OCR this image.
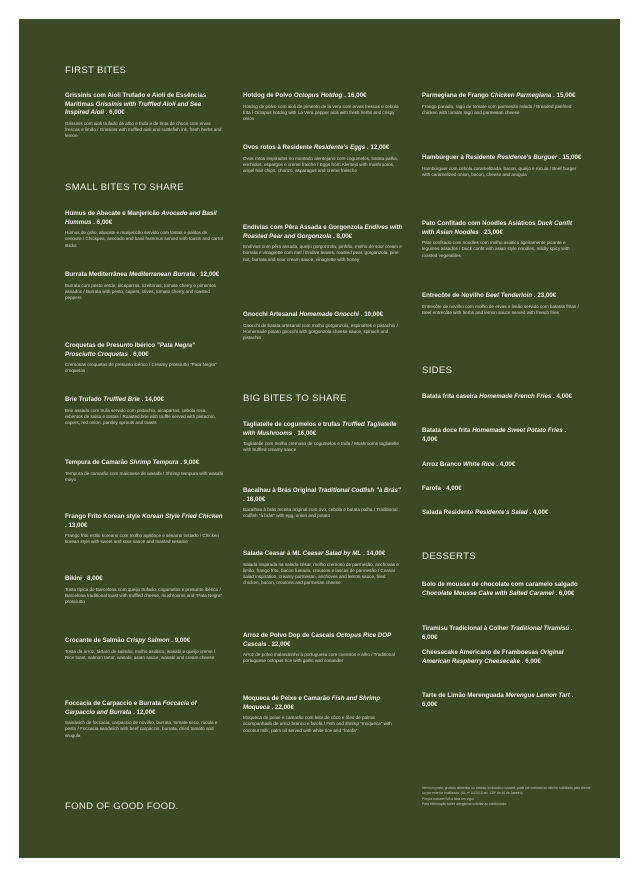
FIRST BITES
Grissinis com Aioli Trufado e Aioli de Essências Marítimas Grissinis with Truffled Aioli and Sea Inspired Aioli . 6,00€
Grissinis com aioli trufado de alho e trufa e de tinta de choco com ervas frescas e limão / Grissinis with truffled aioli and cuttlefish ink, fresh herbs and lemon
SMALL BITES TO SHARE
Húmus de Abacate e Manjericão Avocado and Basil Hummus . 6,00€
Húmus de grão, abacate e manjericão servido com tostas e palitos de cenoura / Chickpea, avocado and basil hummus served with toasts and carrot sticks
Burrata Mediterrânea Mediterranean Burrata . 12,00€
Burrata com pesto verde, alcaparras, azeitonas, tomate cherry e pimentos assados / Burrata with pesto, capers, olives, tomato cherry and roasted peppers
Croquetas de Presunto Ibérico "Pata Negra" Prosciutto Croquetas . 6,00€
Cremosas croquetas de presunto ibérico / Creamy prosciutto "Pata Negra" croquetas
Brie Trufado Truffled Brie . 14,00€
Brie assado com trufa servido com pistachio, alcaparras, cebola roxa, rebentos de salsa e tostas / Roasted brie with truffle served with pistachio, capers, red onion, parsley sprouts and toasts
Tempura de Camarão Shrimp Tempura . 9,00€
Tempura de camarão com maionese de wasabi / Shrimp tempura with wasabi mayo
Frango Frito Korean style Korean Style Fried Chicken . 13,00€
Frango frito estilo koreano com molho agridoce e sésamo tostado / Chicken korean style with sweet and sour sauce and toasted sesame
Bikini . 8,00€
Tosta típica de Barcelona com queijo trufado, cogumelos e presunto ibérico / Barcelona traditional toast with truffled cheese, mushrooms and "Pata Negra" prosciutto
Crocante de Salmão Crispy Salmon . 9,00€
Tosta de arroz, tártaro de salmão, molho asiático, wasabi e queijo creme / Rice toast, salmon tartar, wasabi, asian sauce, wasabi and cream cheese
Foccacia de Carpaccio e Burrata Foccacia of Carpaccio and Burrata . 12,00€
Sandwich de foccacia, carpaccio de novilho, burrata, tomate seco, rúcula e pesto / Foccacia sandwich with beef carpaccio, burrata, dried tomato and arugula
Hotdog de Polvo Octopus Hotdog . 16,00€
Hotdog de polvo com aioli de pimento de la vera com ervas frescas e cebola frita / Octopus hotdog with La Vera pepper aioli with fresh herbs and crispy onion
Ovos rotos à Residente Residente's Eggs . 12,00€
Ovos rotos inspirados no montado alentejano com cogumelos, batata palha, enchidos, espargos e creme fraiche / Eggs from Alentejo with mushrooms, angel hair chips, chorizo, asparagus and creme fraische
Endívias com Pêra Assada e Gorgonzola Endives with Roasted Pear and Gorgonzola . 8,00€
Endívias com pêra assada, queijo gorgonzola, pinhão, molho de sour cream e burrata e vinagrette com mel / Endive leaves, roasted pear, gorgonzola, pine nut, burrata and sour cream sauce, vinagrette with honey
Gnocchi Artesanal Homemade Gnocchi . 10,00€
Gnocchi de batata artesanal com molho gorgonzola, espinafres e pistachio / Homemade potato gnocchi with gorgonzola cheese sauce, spinach and pistachio
BIG BITES TO SHARE
Tagliatelle de cogumelos e trufas Truffled Tagliatelle with Mushrooms . 16,00€
Tagliatelle com molho cremoso de cogumelos e trufa / Mushrooms tagliatelle with truffled creamy sauce
Bacalhau à Brás Original Traditional Codfish "à Brás" . 18,00€
Bacalhau à brás receita original com ovo, cebola e batata palha / Traditional codfish "à brás" with egg, onion and potato
Salada Ceasar à ML Ceasar Salad by ML . 14,00€
Salada inspirada na salada césar, molho cremoso de parmesão, anchovas e limão, frango frito, bacon fumado, croutons e lascas de parmesão / Ceasar salad inspiration, creamy parmesan, anchoves and lemon sauce, fried chicken, bacon, croutons and parmesan cheese
Arroz de Polvo Dop de Cascais Octopus Rice DOP Cascais . 22,00€
Arroz de polvo malandrinho à portuguesa com coentros e alho / Traditional portuguese octopus rice with garlic and coriander
Moqueca de Peixe e Camarão Fish and Shrimp Moqueca . 22,00€
Moqueca de peixe e camarão com leite de côco e óleo de palma acompanhado de arroz branco e farofa / Fish and shrimp "moqueca" with coconut milk, palm oil served with white rice and "farofa"
Parmegiana de Frango Chicken Parmegiana . 15,00€
Frango panado, ragú de tomate com parmesão ralado / Breaded panfried chicken with tomato ragú and parmesan cheese
Hambúrguer à Residente Residente's Burguer . 15,00€
Hambúrguer com cebola caramelizada, bacon, queijo e rúcula / Beef burger with caramelized onion, bacon, cheese and arugula
Pato Confitado com Noodles Asiáticos Duck Confit with Asian Noodles . 23,00€
Pato confitado com noodles com molho asiático ligeiramente picante e legumes assados / Duck confit with asian style noodles, mildly spicy with roasted vegetables
Entrecôte de Novilho Beef Tenderloin . 23,00€
Entrecôte de novilho com molho de ervas e limão servido com batatas fritas / Beef entrecôte with herbs and lemon sauce served with french fries
SIDES
Batata frita caseira Homemade French Fries . 4,00€
Batata doce frita Homemade Sweet Potato Fries . 4,00€
Arroz Branco White Rice . 4,00€
Farofa . 4,00€
Salada Residente Residente's Salad . 4,00€
DESSERTS
Bolo de mousse de chocolate com caramelo salgado Chocolate Mousse Cake with Salted Caramel . 6,00€
Tiramisu Tradicional à Colher Traditional Tiramisú . 6,00€
Cheesecake Americano de Framboesas Original American Raspberry Cheesecake . 6,00€
Tarte de Limão Merenguada Merengue Lemon Tart . 6,00€
FOND OF GOOD FOOD.
Nenhum prato, produto alimentar ou bebida, incluindo o couvert, pode ser cobrado se não for solicitado pelo cliente ou por este for inutilizado. (DL nº 10/2015 art. 135º de 16 de Janeiro).
Preços incluem IVA à taxa em vigor.
Para informação sobre alergénios solicitar ao colaborador.
